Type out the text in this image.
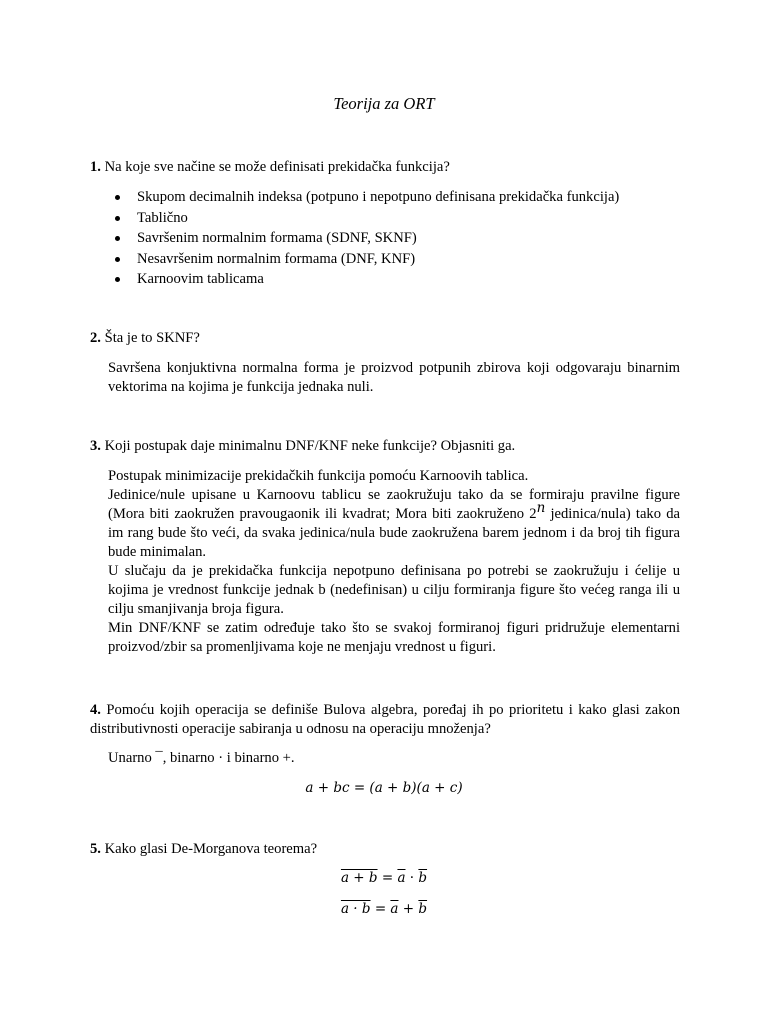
Teorija za ORT
1. Na koje sve načine se može definisati prekidačka funkcija?
Skupom decimalnih indeksa (potpuno i nepotpuno definisana prekidačka funkcija)
Tablično
Savršenim normalnim formama (SDNF, SKNF)
Nesavršenim normalnim formama (DNF, KNF)
Karnoovim tablicama
2. Šta je to SKNF?

Savršena konjuktivna normalna forma je proizvod potpunih zbirova koji odgovaraju binarnim vektorima na kojima je funkcija jednaka nuli.

3. Koji postupak daje minimalnu DNF/KNF neke funkcije? Objasniti ga.

Postupak minimizacije prekidačkih funkcija pomoću Karnoovih tablica.

Jedinice/nule upisane u Karnoovu tablicu se zaokružuju tako da se formiraju pravilne figure (Mora biti zaokružen pravougaonik ili kvadrat; Mora biti zaokruženo 2$^n$ jedinica/nula) tako da im rang bude što veći, da svaka jedinica/nula bude zaokružena barem jednom i da broj tih figura bude minimalan.

U slučaju da je prekidačka funkcija nepotpuno definisana po potrebi se zaokružuju i ćelije u kojima je vrednost funkcije jednak b (nedefinisan) u cilju formiranja figure što većeg ranga ili u cilju smanjivanja broja figura.

Min DNF/KNF se zatim određuje tako što se svakoj formiranoj figuri pridružuje elementarni proizvod/zbir sa promenljivama koje ne menjaju vrednost u figuri.

4. Pomoću kojih operacija se definiše Bulova algebra, poređaj ih po prioritetu i kako glasi zakon distributivnosti operacije sabiranja u odnosu na operaciju množenja?

Unarno ¯, binarno · i binarno +.

a + bc = (a + b)(a + c)
5. Kako glasi De-Morganova teorema?
$a + b = \overline{a} \cdot \overline{b}$
$a \cdot b = \overline{a} + \overline{b}$
